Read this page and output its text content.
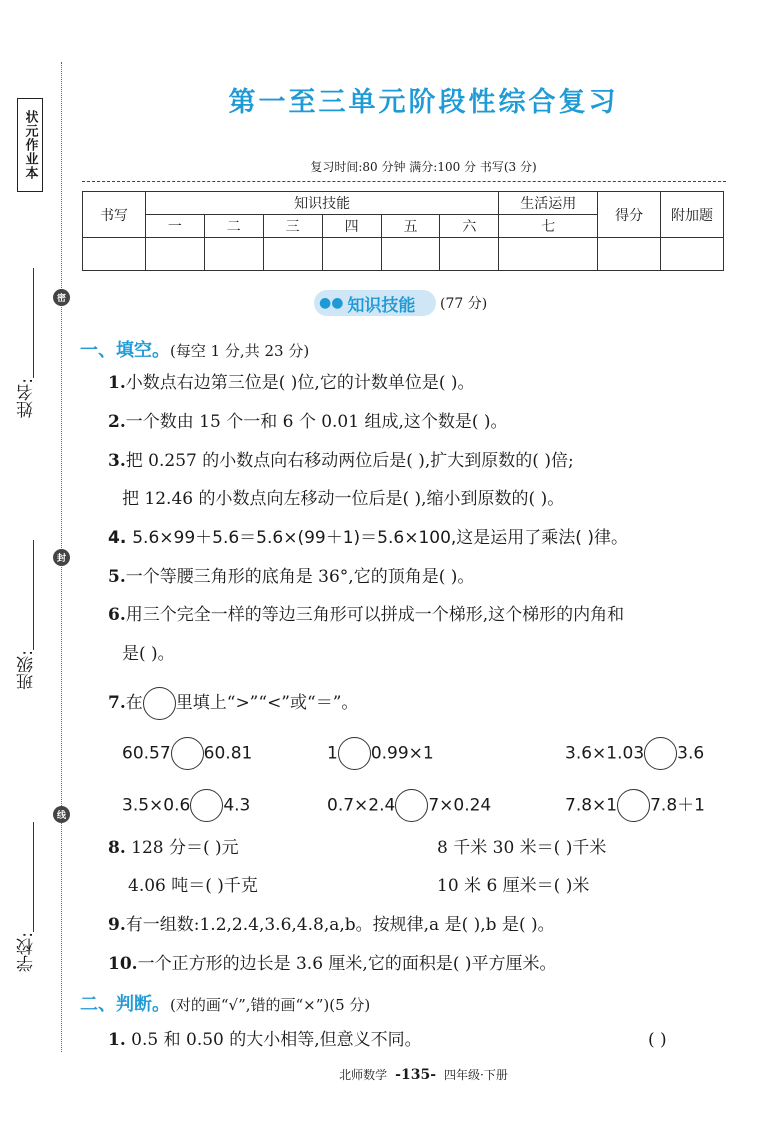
状元作业本
密
封
线
姓名:
班级:
学校:
第一至三单元阶段性综合复习
复习时间:80 分钟 满分:100 分 书写(3 分)
书写	知识技能						生活运用	得分	附加题
	一	二	三	四	五	六	七		

●● 知识技能 (77 分)
一、填空。(每空 1 分,共 23 分)
1.小数点右边第三位是( )位,它的计数单位是( )。
2.一个数由 15 个一和 6 个 0.01 组成,这个数是( )。
3.把 0.257 的小数点向右移动两位后是( ),扩大到原数的( )倍;
把 12.46 的小数点向左移动一位后是( ),缩小到原数的( )。
4. 5.6×99＋5.6＝5.6×(99＋1)＝5.6×100,这是运用了乘法( )律。
5.一个等腰三角形的底角是 36°,它的顶角是( )。
6.用三个完全一样的等边三角形可以拼成一个梯形,这个梯形的内角和
是( )。
7.在 里填上“>”“<”或“＝”。
60.57 60.81	1 0.99×1	3.6×1.03 3.6
3.5×0.6 4.3	0.7×2.4 7×0.24	7.8×1 7.8＋1
8. 128 分＝( )元	8 千米 30 米＝( )千米
4.06 吨＝( )千克	10 米 6 厘米＝( )米
9.有一组数:1.2,2.4,3.6,4.8,a,b。按规律,a 是( ),b 是( )。
10.一个正方形的边长是 3.6 厘米,它的面积是( )平方厘米。
二、判断。(对的画“√”,错的画“×”)(5 分)
1. 0.5 和 0.50 的大小相等,但意义不同。	( )
北师数学 -135- 四年级·下册
